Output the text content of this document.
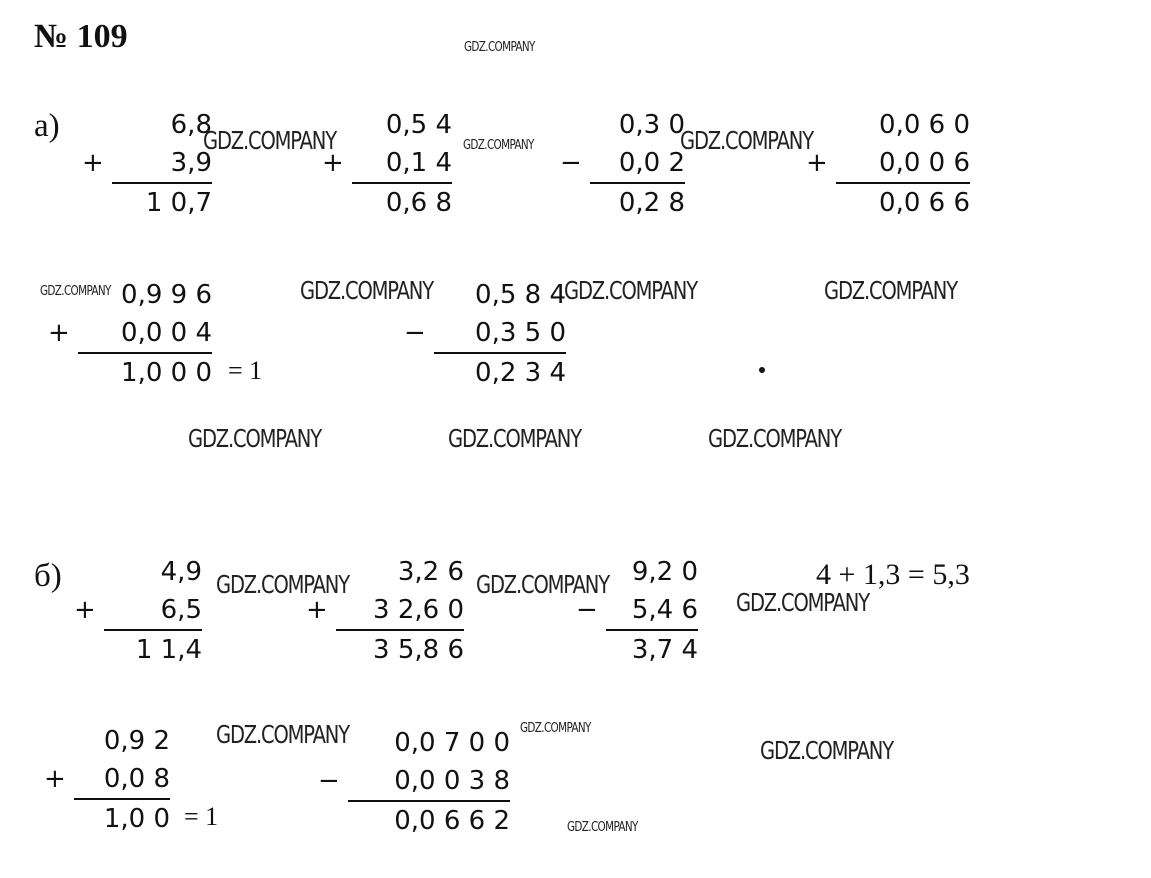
№ 109
а)	6,8
+	3,9
1 0,7
0,5 4
+ 0,1 4
0,6 8
0,3 0
− 0,0 2
0,2 8
0,0 6 0
+ 0,0 0 6
0,0 6 6
0,9 9 6
+ 0,0 0 4
1,0 0 0 = 1
0,5 8 4
− 0,3 5 0
0,2 3 4
б)	4,9
+ 6,5
1 1,4
3,2 6
+ 3 2,6 0
3 5,8 6
9,2 0
− 5,4 6
3,7 4
4 + 1,3 = 5,3
0,9 2
+ 0,0 8
1,0 0 = 1
0,0 7 0 0
− 0,0 0 3 8
0,0 6 6 2
GDZ.COMPANY
GDZ.COMPANY	GDZ.COMPANY	GDZ.COMPANY
GDZ.COMPANY	GDZ.COMPANY	GDZ.COMPANY	GDZ.COMPANY
GDZ.COMPANY	GDZ.COMPANY	GDZ.COMPANY
GDZ.COMPANY	GDZ.COMPANY
GDZ.COMPANY
GDZ.COMPANY	GDZ.COMPANY
GDZ.COMPANY
GDZ.COMPANY
